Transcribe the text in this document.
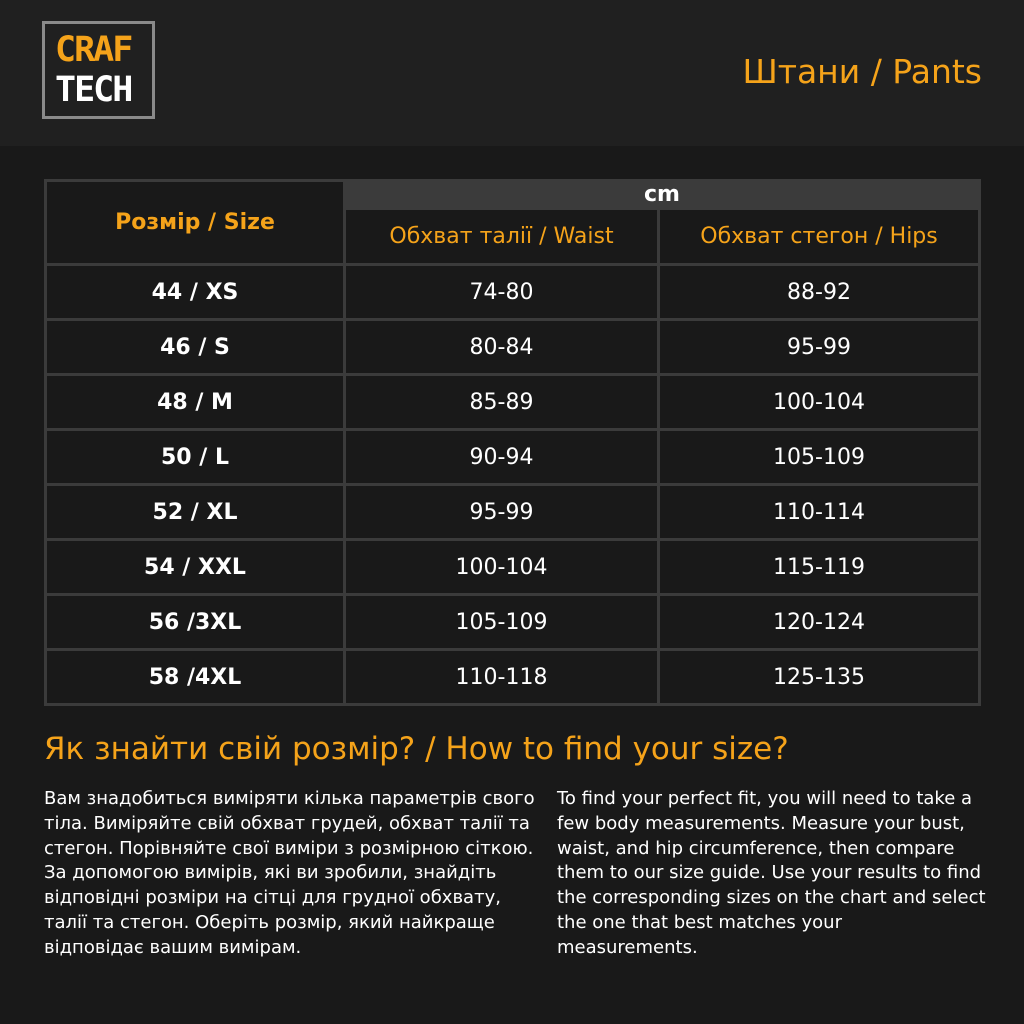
CRAF
TECH	Штани / Pants
Розмір / Size	cm	
	Обхват талії / Waist	Обхват стегон / Hips
44 / XS	74-80	88-92
46 / S	80-84	95-99
48 / M	85-89	100-104
50 / L	90-94	105-109
52 / XL	95-99	110-114
54 / XXL	100-104	115-119
56 /3XL	105-109	120-124
58 /4XL	110-118	125-135
Як знайти свій розмір? / How to find your size?
Вам знадобиться виміряти кілька параметрів свого тіла. Виміряйте свій обхват грудей, обхват талії та стегон. Порівняйте свої виміри з розмірною сіткою. За допомогою вимірів, які ви зробили, знайдіть відповідні розміри на сітці для грудної обхвату, талії та стегон. Оберіть розмір, який найкраще відповідає вашим вимірам.
To find your perfect fit, you will need to take a few body measurements. Measure your bust, waist, and hip circumference, then compare them to our size guide. Use your results to find the corresponding sizes on the chart and select the one that best matches your measurements.
